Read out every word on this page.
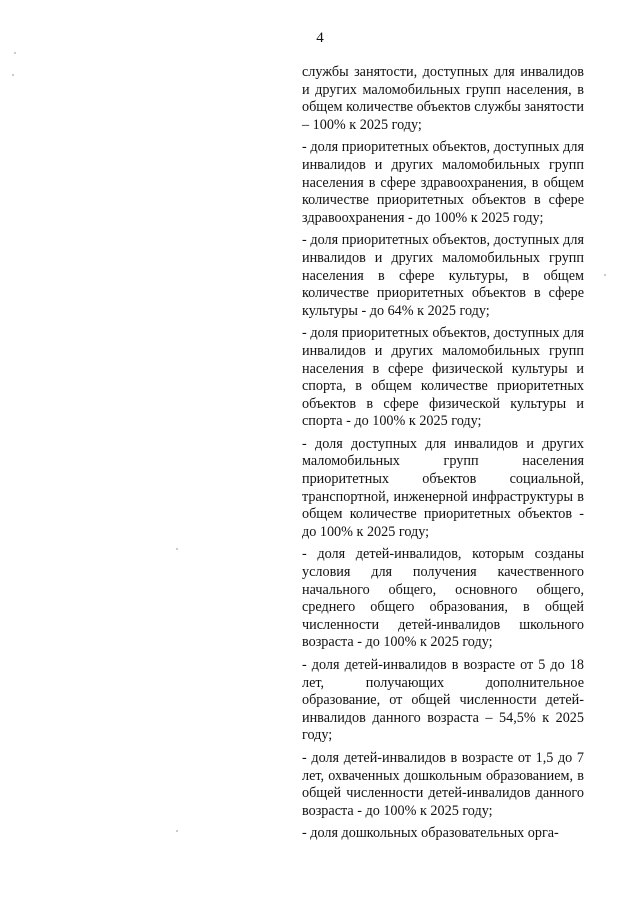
4

службы занятости, доступных для инвалидов и других маломобильных групп населения, в общем количестве объектов службы занятости – 100% к 2025 году;

- доля приоритетных объектов, доступных для инвалидов и других маломобильных групп населения в сфере здравоохранения, в общем количестве приоритетных объектов в сфере здравоохранения - до 100% к 2025 году;

- доля приоритетных объектов, доступных для инвалидов и других маломобильных групп населения в сфере культуры, в общем количестве приоритетных объектов в сфере культуры - до 64% к 2025 году;

- доля приоритетных объектов, доступных для инвалидов и других маломобильных групп населения в сфере физической культуры и спорта, в общем количестве приоритетных объектов в сфере физической культуры и спорта - до 100% к 2025 году;

- доля доступных для инвалидов и других маломобильных групп населения приоритетных объектов социальной, транспортной, инженерной инфраструктуры в общем количестве приоритетных объектов - до 100% к 2025 году;

- доля детей-инвалидов, которым созданы условия для получения качественного начального общего, основного общего, среднего общего образования, в общей численности детей-инвалидов школьного возраста - до 100% к 2025 году;

- доля детей-инвалидов в возрасте от 5 до 18 лет, получающих дополнительное образование, от общей численности детей-инвалидов данного возраста – 54,5% к 2025 году;

- доля детей-инвалидов в возрасте от 1,5 до 7 лет, охваченных дошкольным образованием, в общей численности детей-инвалидов данного возраста - до 100% к 2025 году;

- доля дошкольных образовательных орга-
